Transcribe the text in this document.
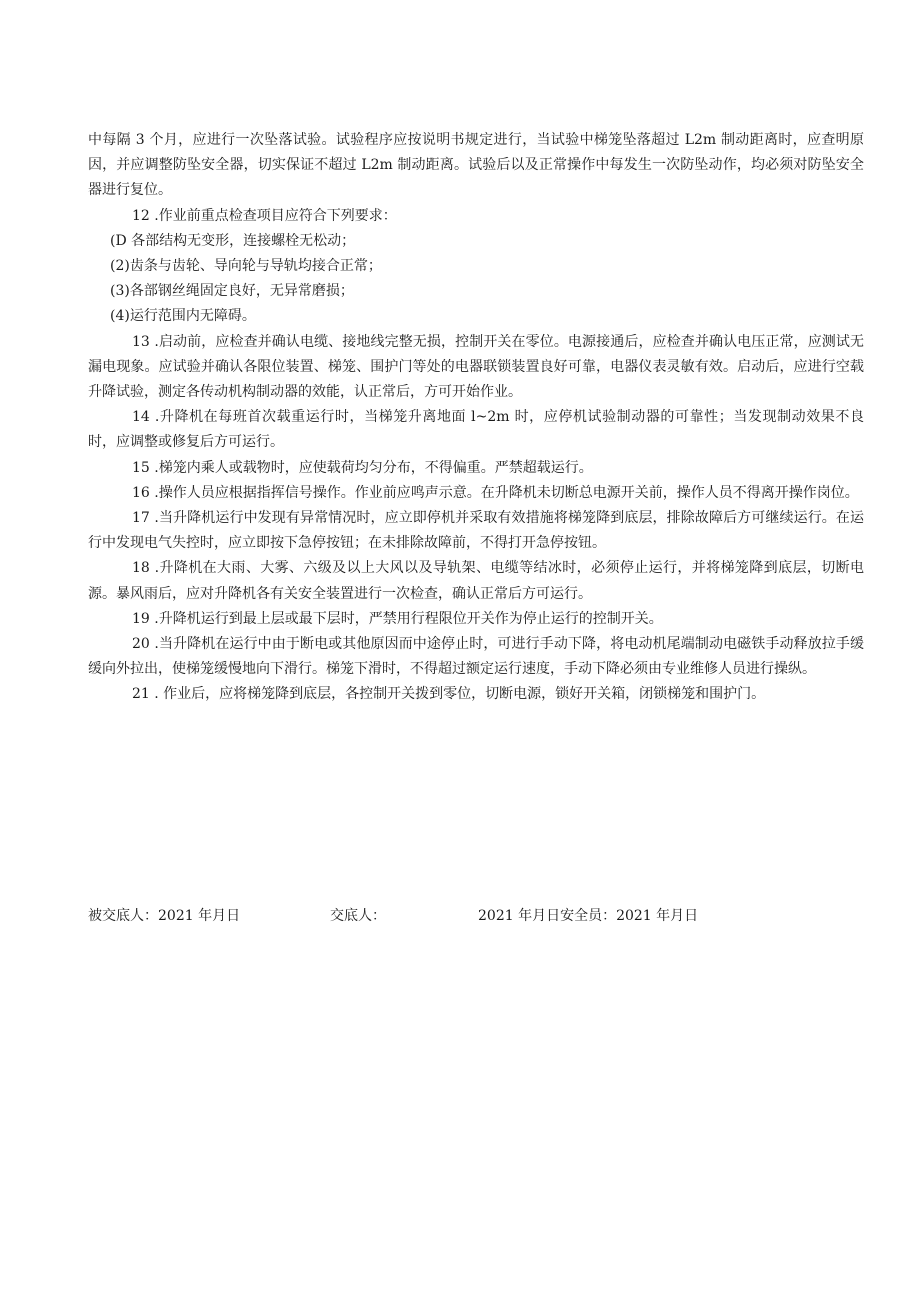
中每隔 3 个月，应进行一次坠落试验。试验程序应按说明书规定进行，当试验中梯笼坠落超过 L2m 制动距离时，应查明原因，并应调整防坠安全器，切实保证不超过 L2m 制动距离。试验后以及正常操作中每发生一次防坠动作，均必须对防坠安全器进行复位。

12 .作业前重点检查项目应符合下列要求：

(D 各部结构无变形，连接螺栓无松动；

(2)齿条与齿轮、导向轮与导轨均接合正常；

(3)各部钢丝绳固定良好，无异常磨损；

(4)运行范围内无障碍。

13 .启动前，应检查并确认电缆、接地线完整无损，控制开关在零位。电源接通后，应检查并确认电压正常，应测试无漏电现象。应试验并确认各限位装置、梯笼、围护门等处的电器联锁装置良好可靠，电器仪表灵敏有效。启动后，应进行空载升降试验，测定各传动机构制动器的效能，认正常后，方可开始作业。

14 .升降机在每班首次载重运行时，当梯笼升离地面 l~2m 时，应停机试验制动器的可靠性；当发现制动效果不良时，应调整或修复后方可运行。

15 .梯笼内乘人或载物时，应使载荷均匀分布，不得偏重。严禁超载运行。

16 .操作人员应根据指挥信号操作。作业前应鸣声示意。在升降机未切断总电源开关前，操作人员不得离开操作岗位。

17 .当升降机运行中发现有异常情况时，应立即停机并采取有效措施将梯笼降到底层，排除故障后方可继续运行。在运行中发现电气失控时，应立即按下急停按钮；在未排除故障前，不得打开急停按钮。

18 .升降机在大雨、大雾、六级及以上大风以及导轨架、电缆等结冰时，必须停止运行，并将梯笼降到底层，切断电源。暴风雨后，应对升降机各有关安全装置进行一次检查，确认正常后方可运行。

19 .升降机运行到最上层或最下层时，严禁用行程限位开关作为停止运行的控制开关。

20 .当升降机在运行中由于断电或其他原因而中途停止时，可进行手动下降，将电动机尾端制动电磁铁手动释放拉手缓缓向外拉出，使梯笼缓慢地向下滑行。梯笼下滑时，不得超过额定运行速度，手动下降必须由专业维修人员进行操纵。

21 . 作业后，应将梯笼降到底层，各控制开关拨到零位，切断电源，锁好开关箱，闭锁梯笼和围护门。

被交底人：2021 年月日	交底人：	2021 年月日安全员：2021 年月日
